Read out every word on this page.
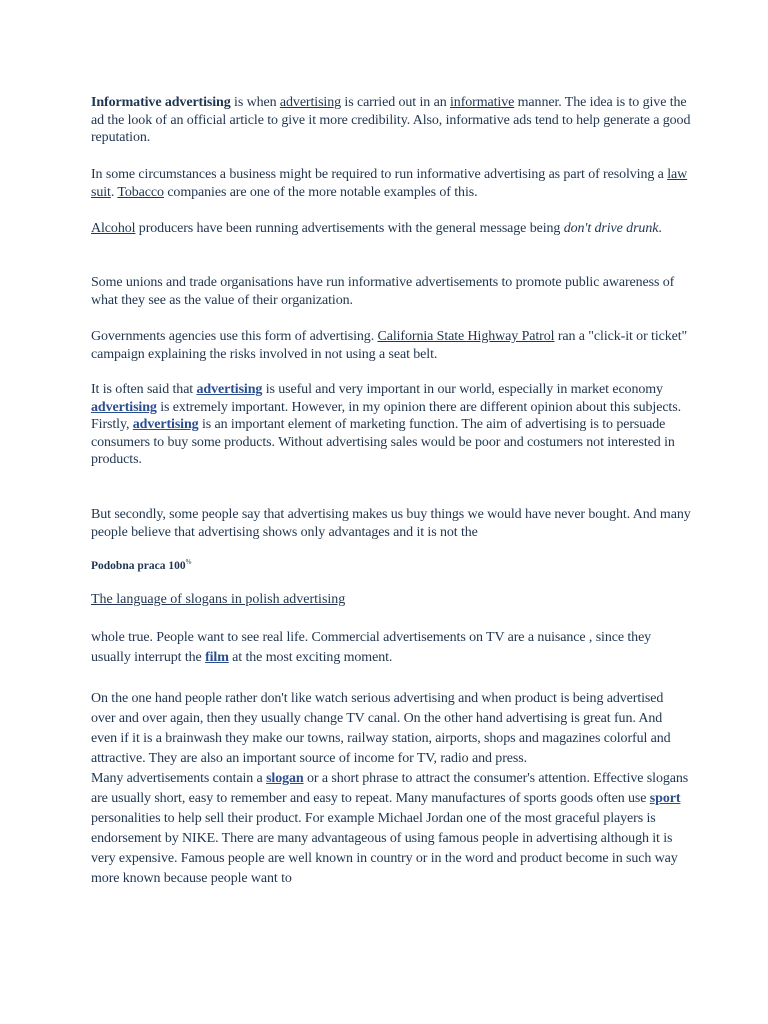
Informative advertising is when advertising is carried out in an informative manner. The idea is to give the ad the look of an official article to give it more credibility. Also, informative ads tend to help generate a good reputation.

In some circumstances a business might be required to run informative advertising as part of resolving a law suit. Tobacco companies are one of the more notable examples of this.

Alcohol producers have been running advertisements with the general message being don't drive drunk.

Some unions and trade organisations have run informative advertisements to promote public awareness of what they see as the value of their organization.

Governments agencies use this form of advertising. California State Highway Patrol ran a "click-it or ticket" campaign explaining the risks involved in not using a seat belt.

It is often said that advertising is useful and very important in our world, especially in market economy advertising is extremely important. However, in my opinion there are different opinion about this subjects.
Firstly, advertising is an important element of marketing function. The aim of advertising is to persuade consumers to buy some products. Without advertising sales would be poor and costumers not interested in products.

But secondly, some people say that advertising makes us buy things we would have never bought. And many people believe that advertising shows only advantages and it is not the

Podobna praca 100%
The language of slogans in polish advertising

whole true. People want to see real life. Commercial advertisements on TV are a nuisance , since they usually interrupt the film at the most exciting moment.

On the one hand people rather don't like watch serious advertising and when product is being advertised over and over again, then they usually change TV canal. On the other hand advertising is great fun. And even if it is a brainwash they make our towns, railway station, airports, shops and magazines colorful and attractive. They are also an important source of income for TV, radio and press.
Many advertisements contain a slogan or a short phrase to attract the consumer's attention. Effective slogans are usually short, easy to remember and easy to repeat. Many manufactures of sports goods often use sport personalities to help sell their product. For example Michael Jordan one of the most graceful players is endorsement by NIKE. There are many advantageous of using famous people in advertising although it is very expensive. Famous people are well known in country or in the word and product become in such way more known because people want to
